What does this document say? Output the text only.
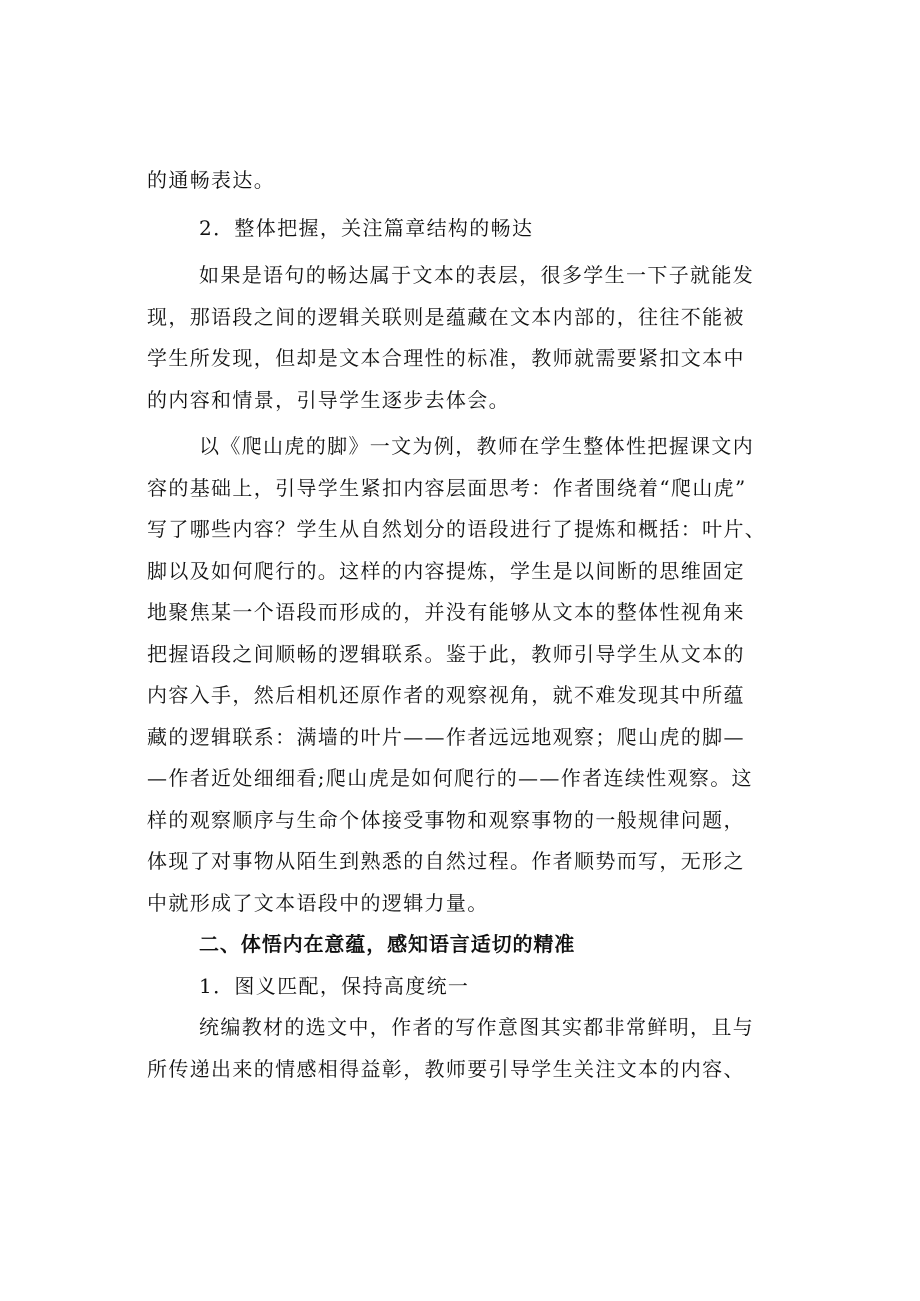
的通畅表达。
2．整体把握，关注篇章结构的畅达
如果是语句的畅达属于文本的表层，很多学生一下子就能发
现，那语段之间的逻辑关联则是蕴藏在文本内部的，往往不能被
学生所发现，但却是文本合理性的标准，教师就需要紧扣文本中
的内容和情景，引导学生逐步去体会。
以《爬山虎的脚》一文为例，教师在学生整体性把握课文内
容的基础上，引导学生紧扣内容层面思考：作者围绕着“爬山虎”
写了哪些内容？学生从自然划分的语段进行了提炼和概括：叶片、
脚以及如何爬行的。这样的内容提炼，学生是以间断的思维固定
地聚焦某一个语段而形成的，并没有能够从文本的整体性视角来
把握语段之间顺畅的逻辑联系。鉴于此，教师引导学生从文本的
内容入手，然后相机还原作者的观察视角，就不难发现其中所蕴
藏的逻辑联系：满墙的叶片——作者远远地观察；爬山虎的脚—
—作者近处细细看;爬山虎是如何爬行的——作者连续性观察。这
样的观察顺序与生命个体接受事物和观察事物的一般规律问题，
体现了对事物从陌生到熟悉的自然过程。作者顺势而写，无形之
中就形成了文本语段中的逻辑力量。
二、体悟内在意蕴，感知语言适切的精准
1．图义匹配，保持高度统一
统编教材的选文中，作者的写作意图其实都非常鲜明，且与
所传递出来的情感相得益彰，教师要引导学生关注文本的内容、
